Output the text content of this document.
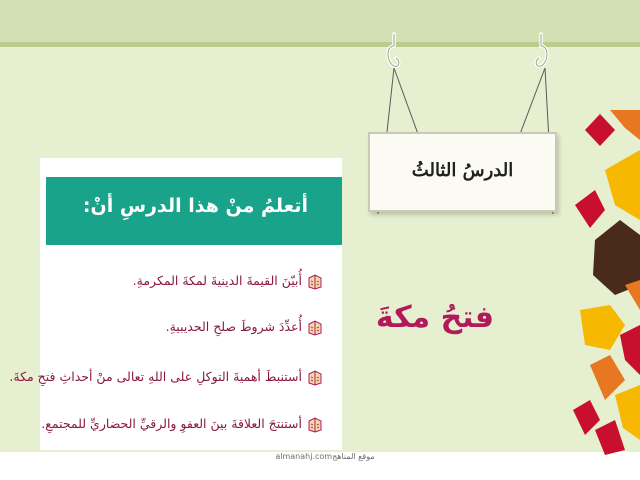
الدرسُ الثالثُ
فتحُ مكةَ
أتعلمُ منْ هذا الدرسِ أنْ:
أُبيّنَ القيمةَ الدينيةَ لمكةَ المكرمةِ.
أُعدِّدَ شروطَ صلحِ الحديبيةِ.
أستنبطَ أهميةَ التوكلِ على اللهِ تعالى منْ أحداثِ فتحِ مكةَ.
أستنتجَ العلاقةَ بينَ العفوِ والرقيِّ الحضاريِّ للمجتمعِ.
almanahj.comموقع المناهج
